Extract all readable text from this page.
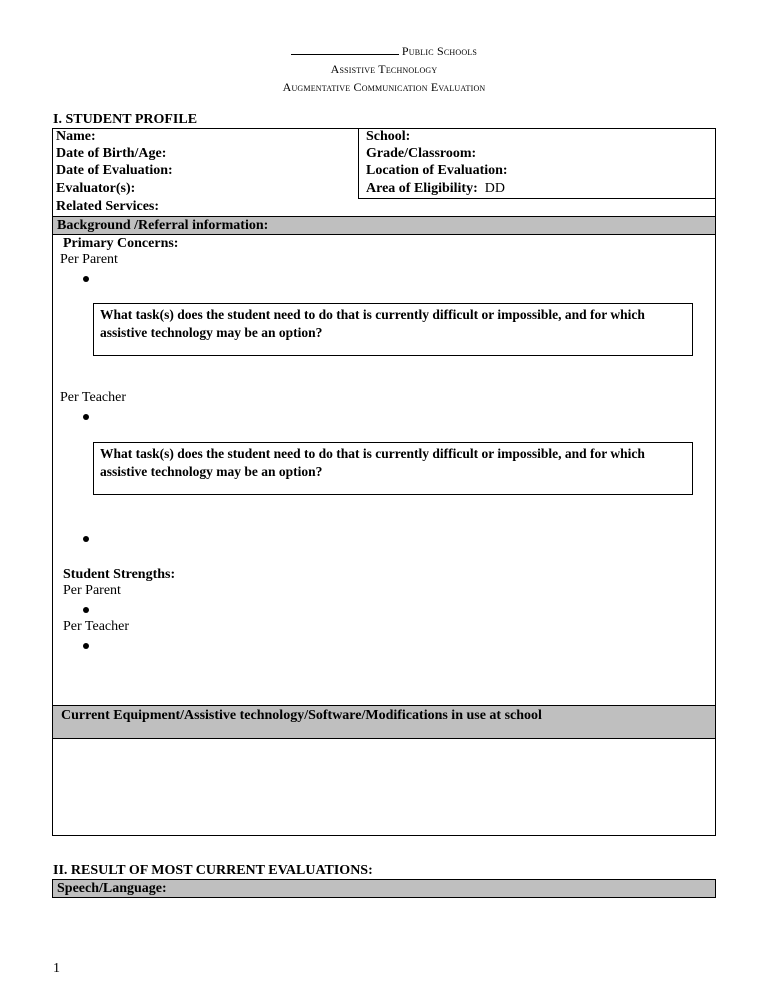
Public Schools
Assistive Technology
Augmentative Communication Evaluation
I. STUDENT PROFILE
Name:
Date of Birth/Age:
Date of Evaluation:
Evaluator(s):
Related Services:
School:
Grade/Classroom:
Location of Evaluation:
Area of Eligibility: DD
Background /Referral information:
Primary Concerns:
Per Parent
What task(s) does the student need to do that is currently difficult or impossible, and for which assistive technology may be an option?
Per Teacher
What task(s) does the student need to do that is currently difficult or impossible, and for which assistive technology may be an option?
Student Strengths:
Per Parent
Per Teacher
Current Equipment/Assistive technology/Software/Modifications in use at school
II. RESULT OF MOST CURRENT EVALUATIONS:
Speech/Language:
1
